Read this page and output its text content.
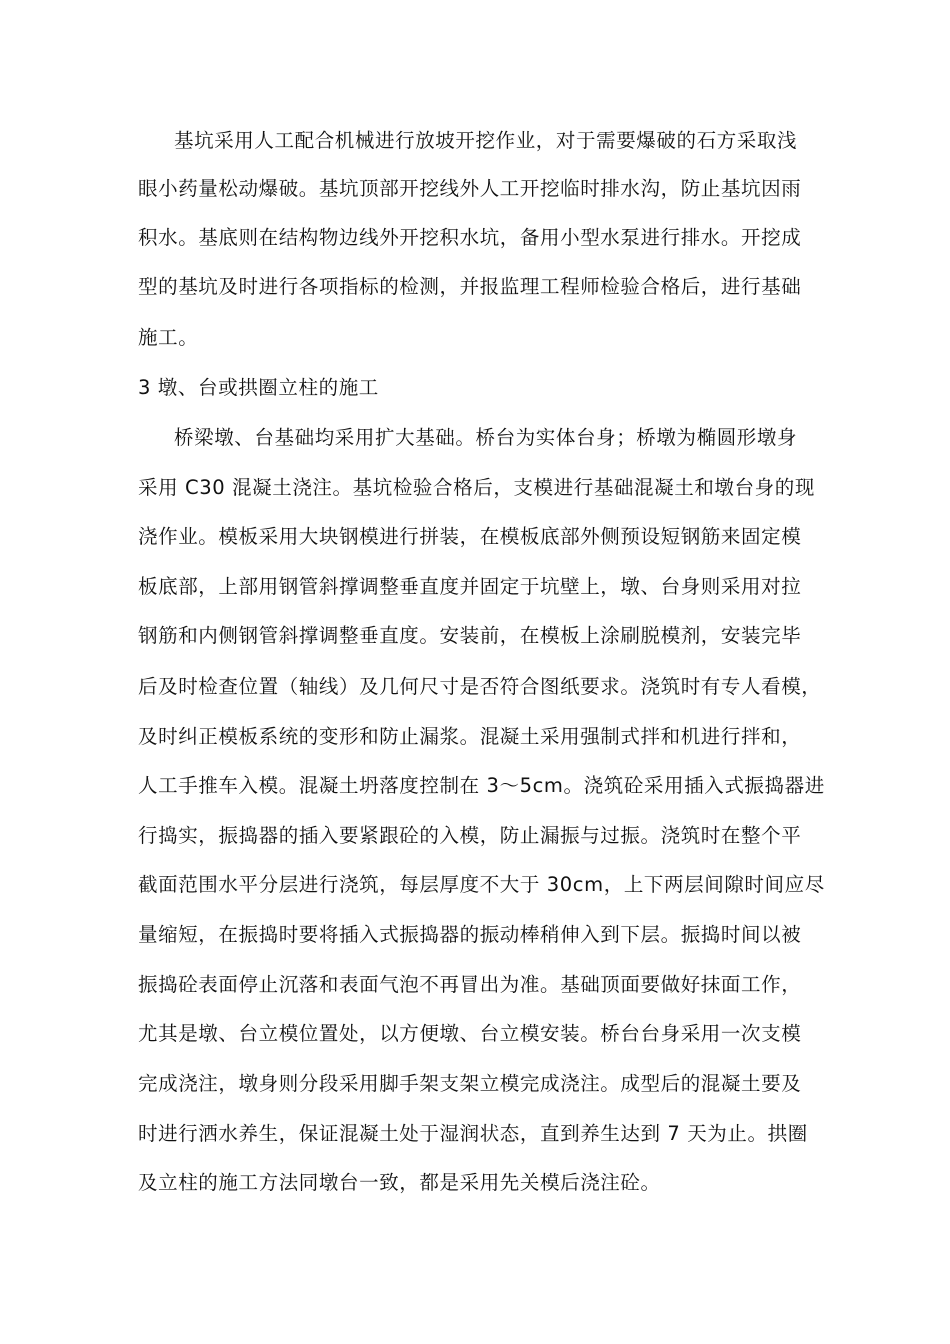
基坑采用人工配合机械进行放坡开挖作业，对于需要爆破的石方采取浅
眼小药量松动爆破。基坑顶部开挖线外人工开挖临时排水沟，防止基坑因雨
积水。基底则在结构物边线外开挖积水坑，备用小型水泵进行排水。开挖成
型的基坑及时进行各项指标的检测，并报监理工程师检验合格后，进行基础
施工。
3 墩、台或拱圈立柱的施工
桥梁墩、台基础均采用扩大基础。桥台为实体台身；桥墩为椭圆形墩身
采用 C30 混凝土浇注。基坑检验合格后，支模进行基础混凝土和墩台身的现
浇作业。模板采用大块钢模进行拼装，在模板底部外侧预设短钢筋来固定模
板底部，上部用钢管斜撑调整垂直度并固定于坑壁上，墩、台身则采用对拉
钢筋和内侧钢管斜撑调整垂直度。安装前，在模板上涂刷脱模剂，安装完毕
后及时检查位置（轴线）及几何尺寸是否符合图纸要求。浇筑时有专人看模，
及时纠正模板系统的变形和防止漏浆。混凝土采用强制式拌和机进行拌和，
人工手推车入模。混凝土坍落度控制在 3～5cm。浇筑砼采用插入式振捣器进
行捣实，振捣器的插入要紧跟砼的入模，防止漏振与过振。浇筑时在整个平
截面范围水平分层进行浇筑，每层厚度不大于 30cm，上下两层间隙时间应尽
量缩短，在振捣时要将插入式振捣器的振动棒稍伸入到下层。振捣时间以被
振捣砼表面停止沉落和表面气泡不再冒出为准。基础顶面要做好抹面工作，
尤其是墩、台立模位置处，以方便墩、台立模安装。桥台台身采用一次支模
完成浇注，墩身则分段采用脚手架支架立模完成浇注。成型后的混凝土要及
时进行洒水养生，保证混凝土处于湿润状态，直到养生达到 7 天为止。拱圈
及立柱的施工方法同墩台一致，都是采用先关模后浇注砼。
